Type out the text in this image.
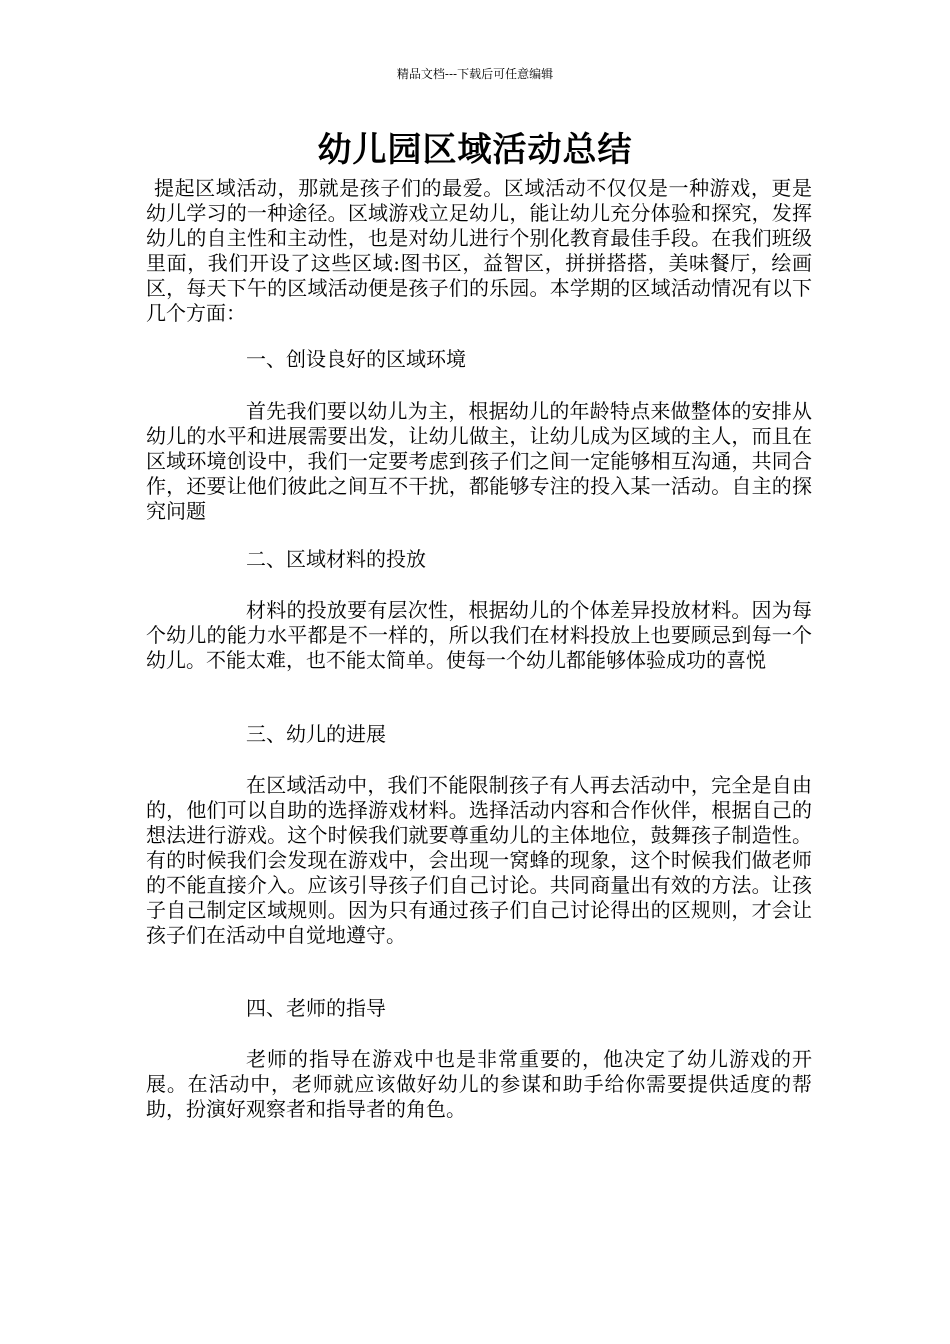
精品文档---下载后可任意编辑
幼儿园区域活动总结

提起区域活动，那就是孩子们的最爱。区域活动不仅仅是一种游戏，更是幼儿学习的一种途径。区域游戏立足幼儿，能让幼儿充分体验和探究，发挥幼儿的自主性和主动性，也是对幼儿进行个别化教育最佳手段。在我们班级里面，我们开设了这些区域:图书区，益智区，拼拼搭搭，美味餐厅，绘画区，每天下午的区域活动便是孩子们的乐园。本学期的区域活动情况有以下几个方面：

一、创设良好的区域环境

首先我们要以幼儿为主，根据幼儿的年龄特点来做整体的安排从幼儿的水平和进展需要出发，让幼儿做主，让幼儿成为区域的主人，而且在区域环境创设中，我们一定要考虑到孩子们之间一定能够相互沟通，共同合作，还要让他们彼此之间互不干扰，都能够专注的投入某一活动。自主的探究问题

二、区域材料的投放

材料的投放要有层次性，根据幼儿的个体差异投放材料。因为每个幼儿的能力水平都是不一样的，所以我们在材料投放上也要顾忌到每一个幼儿。不能太难，也不能太简单。使每一个幼儿都能够体验成功的喜悦

三、幼儿的进展

在区域活动中，我们不能限制孩子有人再去活动中，完全是自由的，他们可以自助的选择游戏材料。选择活动内容和合作伙伴，根据自己的想法进行游戏。这个时候我们就要尊重幼儿的主体地位，鼓舞孩子制造性。有的时候我们会发现在游戏中，会出现一窝蜂的现象，这个时候我们做老师的不能直接介入。应该引导孩子们自己讨论。共同商量出有效的方法。让孩子自己制定区域规则。因为只有通过孩子们自己讨论得出的区规则，才会让孩子们在活动中自觉地遵守。

四、老师的指导

老师的指导在游戏中也是非常重要的，他决定了幼儿游戏的开展。在活动中，老师就应该做好幼儿的参谋和助手给你需要提供适度的帮助，扮演好观察者和指导者的角色。
